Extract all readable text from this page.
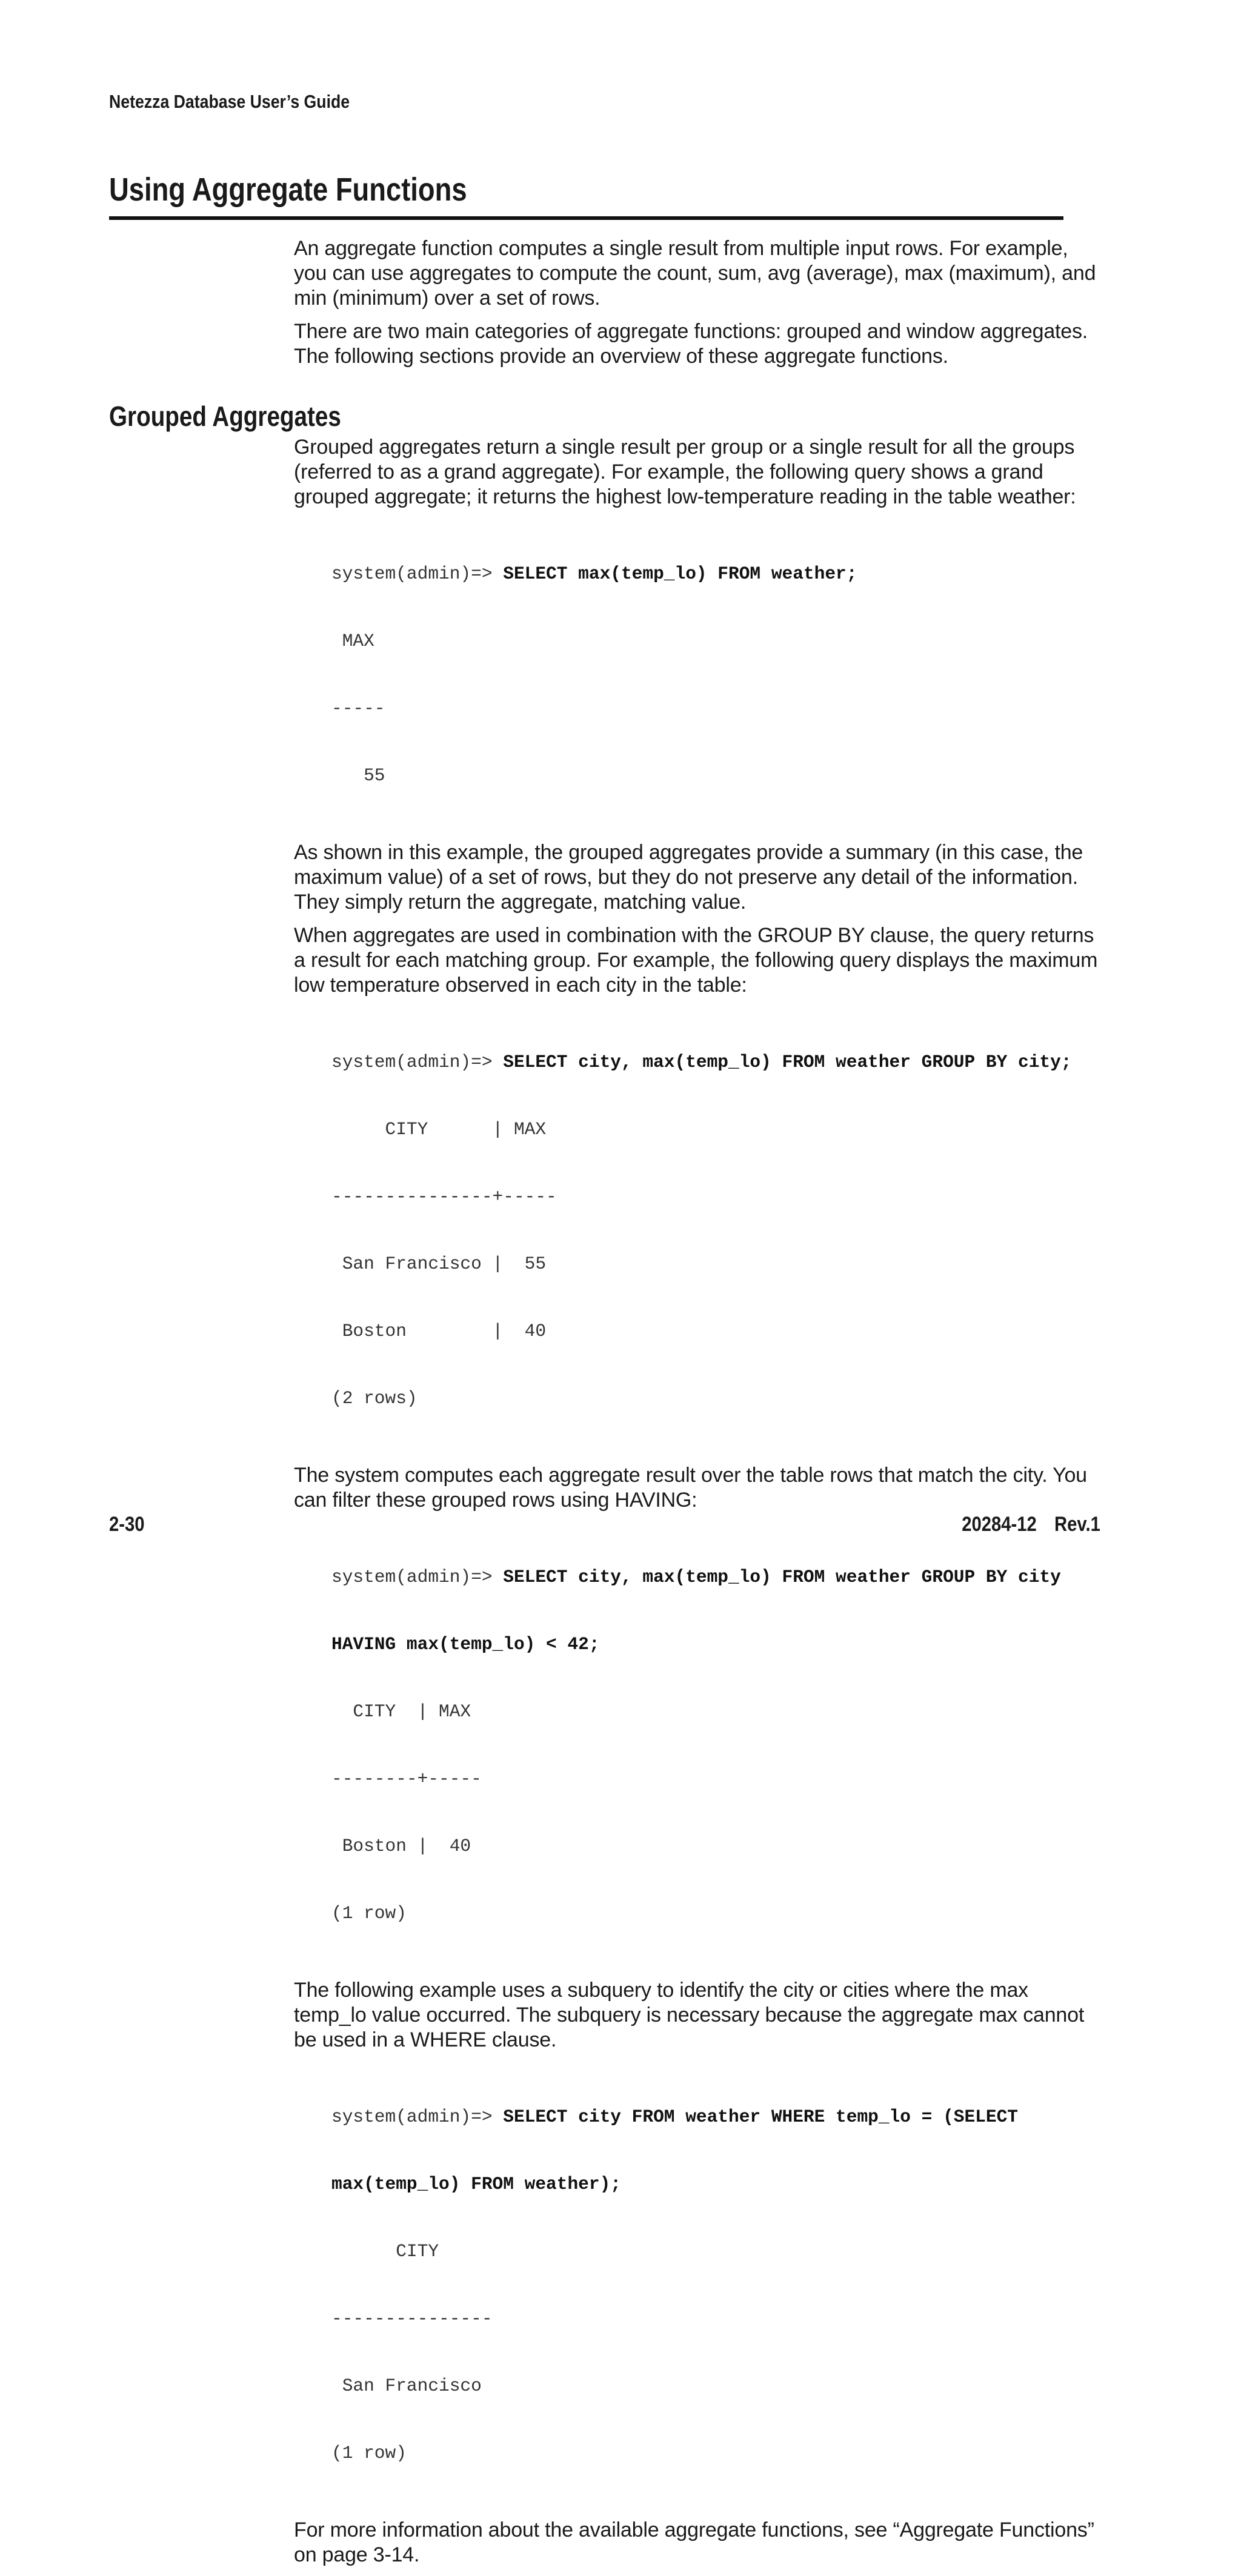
Netezza Database User’s Guide
Using Aggregate Functions

An aggregate function computes a single result from multiple input rows. For example, you can use aggregates to compute the count, sum, avg (average), max (maximum), and min (minimum) over a set of rows.

There are two main categories of aggregate functions: grouped and window aggregates. The following sections provide an overview of these aggregate functions.

Grouped Aggregates

Grouped aggregates return a single result per group or a single result for all the groups (referred to as a grand aggregate). For example, the following query shows a grand grouped aggregate; it returns the highest low-temperature reading in the table weather:

system(admin)=> SELECT max(temp_lo) FROM weather;

MAX

-----

55

As shown in this example, the grouped aggregates provide a summary (in this case, the maximum value) of a set of rows, but they do not preserve any detail of the information. They simply return the aggregate, matching value.

When aggregates are used in combination with the GROUP BY clause, the query returns a result for each matching group. For example, the following query displays the maximum low temperature observed in each city in the table:

system(admin)=> SELECT city, max(temp_lo) FROM weather GROUP BY city;

CITY      | MAX

---------------+-----

San Francisco |  55

Boston        |  40

(2 rows)

The system computes each aggregate result over the table rows that match the city. You can filter these grouped rows using HAVING:

system(admin)=> SELECT city, max(temp_lo) FROM weather GROUP BY city

HAVING max(temp_lo) < 42;

CITY  | MAX

--------+-----

Boston |  40

(1 row)

The following example uses a subquery to identify the city or cities where the max temp_lo value occurred. The subquery is necessary because the aggregate max cannot be used in a WHERE clause.

system(admin)=> SELECT city FROM weather WHERE temp_lo = (SELECT

max(temp_lo) FROM weather);

CITY

---------------

San Francisco

(1 row)

For more information about the available aggregate functions, see “Aggregate Functions” on page 3-14.

2-30	20284-12 Rev.1
